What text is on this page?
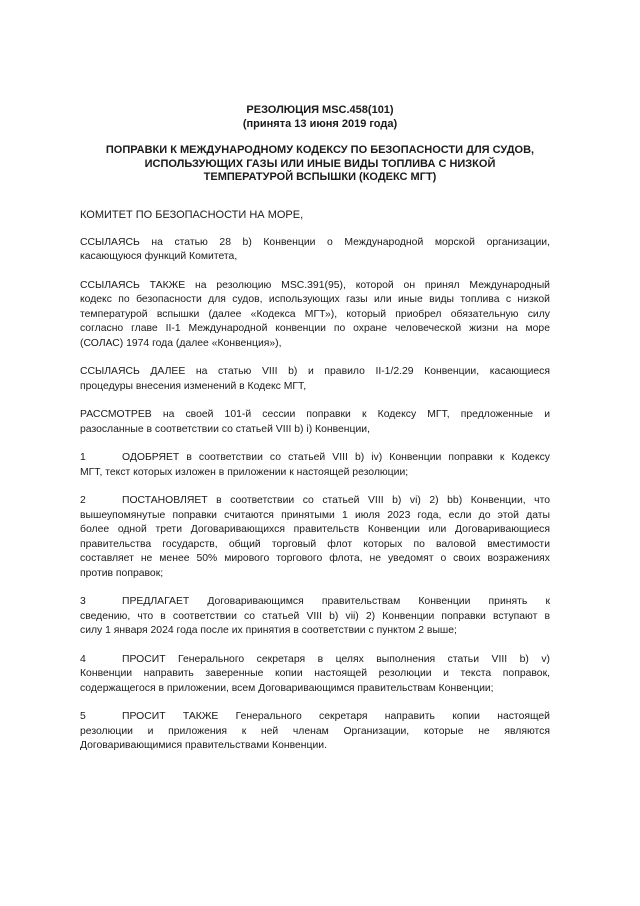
РЕЗОЛЮЦИЯ MSC.458(101)
(принята 13 июня 2019 года)
ПОПРАВКИ К МЕЖДУНАРОДНОМУ КОДЕКСУ ПО БЕЗОПАСНОСТИ ДЛЯ СУДОВ,
ИСПОЛЬЗУЮЩИХ ГАЗЫ ИЛИ ИНЫЕ ВИДЫ ТОПЛИВА С НИЗКОЙ
ТЕМПЕРАТУРОЙ ВСПЫШКИ (КОДЕКС МГТ)
КОМИТЕТ ПО БЕЗОПАСНОСТИ НА МОРЕ,
ССЫЛАЯСЬ на статью 28 b) Конвенции о Международной морской организации,
касающуюся функций Комитета,
ССЫЛАЯСЬ ТАКЖЕ на резолюцию MSC.391(95), которой он принял Международный
кодекс по безопасности для судов, использующих газы или иные виды топлива с низкой
температурой вспышки (далее «Кодекса МГТ»), который приобрел обязательную силу
согласно главе II-1 Международной конвенции по охране человеческой жизни на море
(СОЛАС) 1974 года (далее «Конвенция»),
ССЫЛАЯСЬ ДАЛЕЕ на статью VIII b) и правило II-1/2.29 Конвенции, касающиеся
процедуры внесения изменений в Кодекс МГТ,
РАССМОТРЕВ на своей 101-й сессии поправки к Кодексу МГТ, предложенные и
разосланные в соответствии со статьей VIII b) i) Конвенции,
1	ОДОБРЯЕТ в соответствии со статьей VIII b) iv) Конвенции поправки к Кодексу
МГТ, текст которых изложен в приложении к настоящей резолюции;
2	ПОСТАНОВЛЯЕТ в соответствии со статьей VIII b) vi) 2) bb) Конвенции, что
вышеупомянутые поправки считаются принятыми 1 июля 2023 года, если до этой даты
более одной трети Договаривающихся правительств Конвенции или Договаривающиеся
правительства государств, общий торговый флот которых по валовой вместимости
составляет не менее 50% мирового торгового флота, не уведомят о своих возражениях
против поправок;
3	ПРЕДЛАГАЕТ Договаривающимся правительствам Конвенции принять к
сведению, что в соответствии со статьей VIII b) vii) 2) Конвенции поправки вступают в
силу 1 января 2024 года после их принятия в соответствии с пунктом 2 выше;
4	ПРОСИТ Генерального секретаря в целях выполнения статьи VIII b) v)
Конвенции направить заверенные копии настоящей резолюции и текста поправок,
содержащегося в приложении, всем Договаривающимся правительствам Конвенции;
5	ПРОСИТ ТАКЖЕ Генерального секретаря направить копии настоящей
резолюции и приложения к ней членам Организации, которые не являются
Договаривающимися правительствами Конвенции.
